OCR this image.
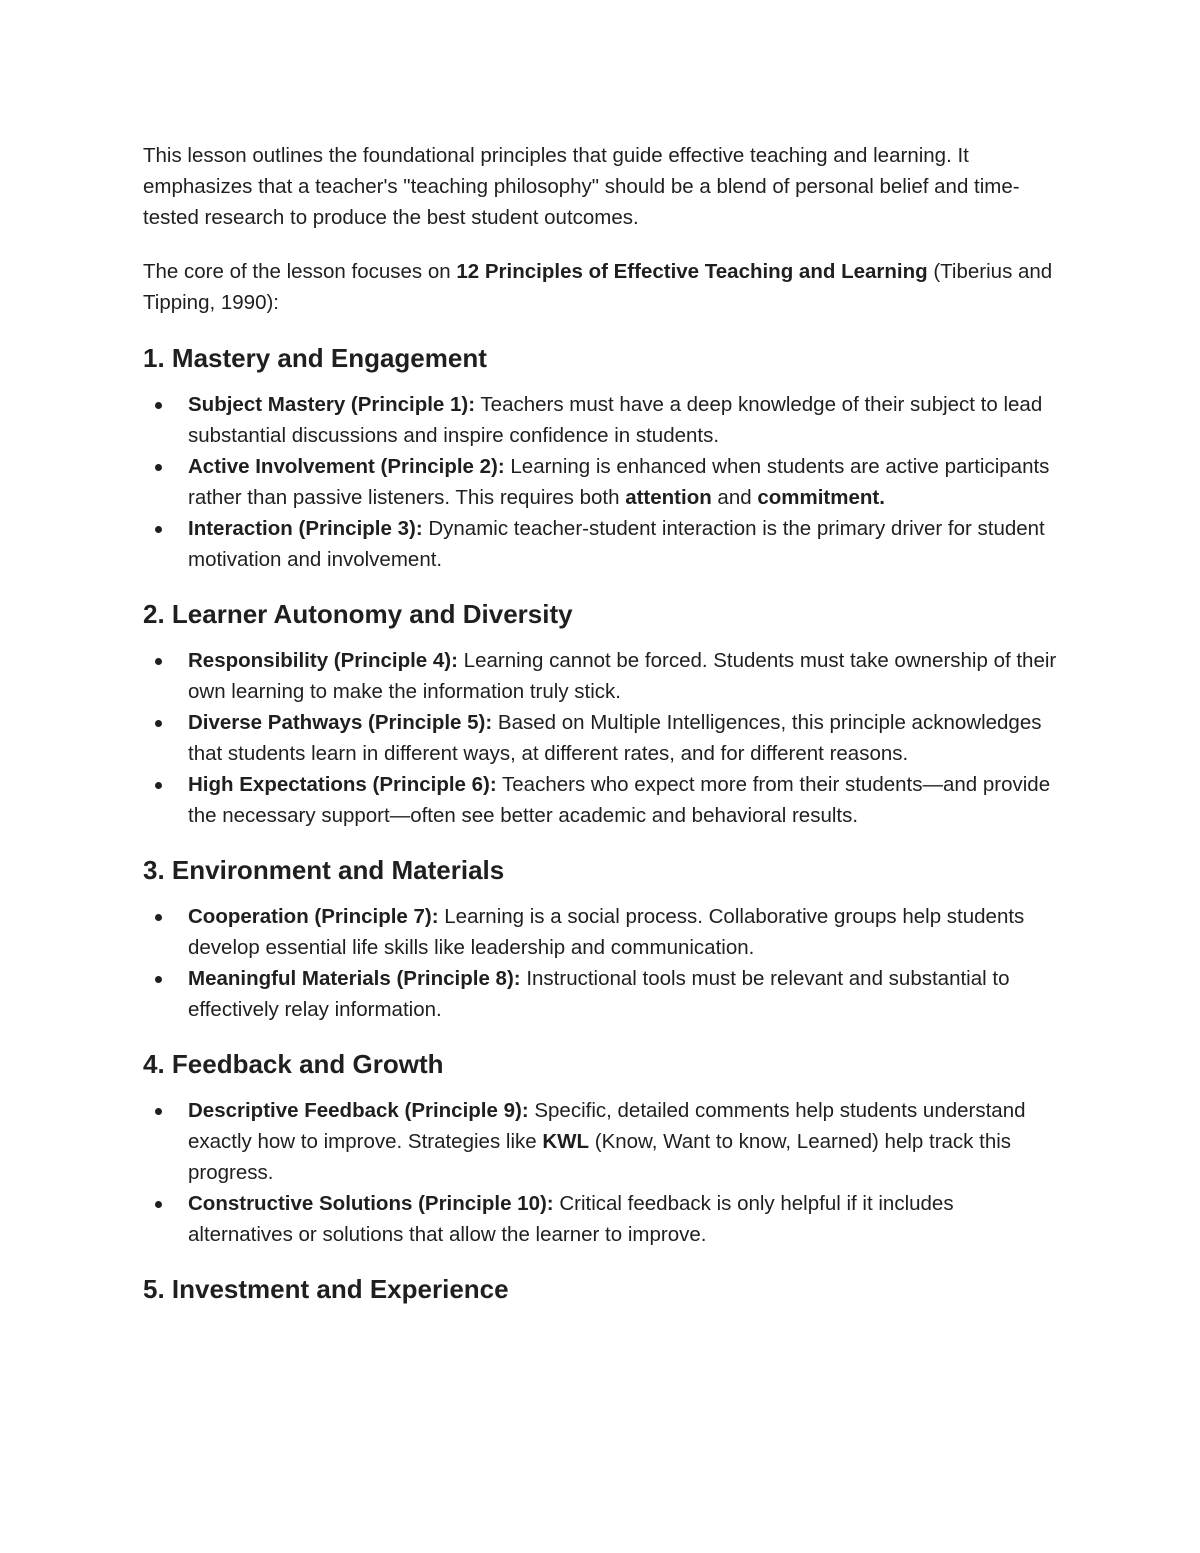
This lesson outlines the foundational principles that guide effective teaching and learning. It emphasizes that a teacher's "teaching philosophy" should be a blend of personal belief and time-tested research to produce the best student outcomes.

The core of the lesson focuses on 12 Principles of Effective Teaching and Learning (Tiberius and Tipping, 1990):

1. Mastery and Engagement
Subject Mastery (Principle 1): Teachers must have a deep knowledge of their subject to lead substantial discussions and inspire confidence in students.
Active Involvement (Principle 2): Learning is enhanced when students are active participants rather than passive listeners. This requires both attention and commitment.
Interaction (Principle 3): Dynamic teacher-student interaction is the primary driver for student motivation and involvement.
2. Learner Autonomy and Diversity
Responsibility (Principle 4): Learning cannot be forced. Students must take ownership of their own learning to make the information truly stick.
Diverse Pathways (Principle 5): Based on Multiple Intelligences, this principle acknowledges that students learn in different ways, at different rates, and for different reasons.
High Expectations (Principle 6): Teachers who expect more from their students—and provide the necessary support—often see better academic and behavioral results.
3. Environment and Materials
Cooperation (Principle 7): Learning is a social process. Collaborative groups help students develop essential life skills like leadership and communication.
Meaningful Materials (Principle 8): Instructional tools must be relevant and substantial to effectively relay information.
4. Feedback and Growth
Descriptive Feedback (Principle 9): Specific, detailed comments help students understand exactly how to improve. Strategies like KWL (Know, Want to know, Learned) help track this progress.
Constructive Solutions (Principle 10): Critical feedback is only helpful if it includes alternatives or solutions that allow the learner to improve.
5. Investment and Experience
